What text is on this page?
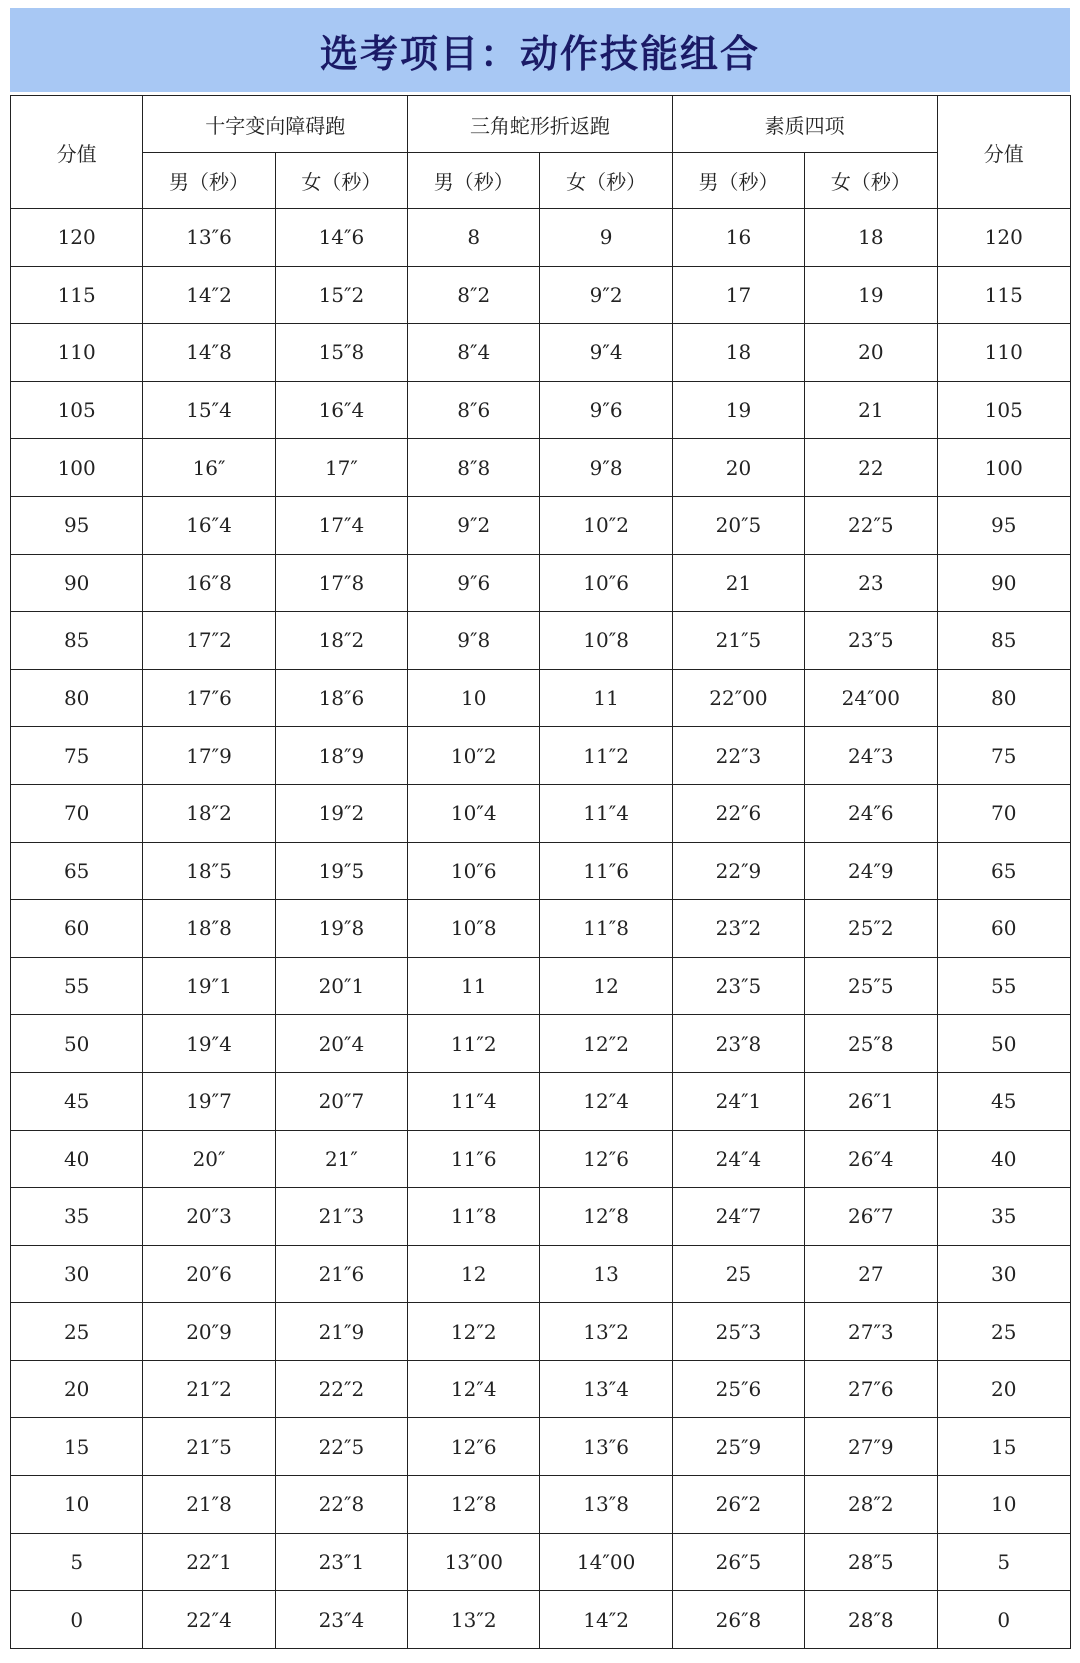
选考项目：动作技能组合
分值	十字变向障碍跑		三角蛇形折返跑		素质四项		分值
	男（秒）	女（秒）	男（秒）	女（秒）	男（秒）	女（秒）	
120	13″6	14″6	8	9	16	18	120
115	14″2	15″2	8″2	9″2	17	19	115
110	14″8	15″8	8″4	9″4	18	20	110
105	15″4	16″4	8″6	9″6	19	21	105
100	16″	17″	8″8	9″8	20	22	100
95	16″4	17″4	9″2	10″2	20″5	22″5	95
90	16″8	17″8	9″6	10″6	21	23	90
85	17″2	18″2	9″8	10″8	21″5	23″5	85
80	17″6	18″6	10	11	22″00	24″00	80
75	17″9	18″9	10″2	11″2	22″3	24″3	75
70	18″2	19″2	10″4	11″4	22″6	24″6	70
65	18″5	19″5	10″6	11″6	22″9	24″9	65
60	18″8	19″8	10″8	11″8	23″2	25″2	60
55	19″1	20″1	11	12	23″5	25″5	55
50	19″4	20″4	11″2	12″2	23″8	25″8	50
45	19″7	20″7	11″4	12″4	24″1	26″1	45
40	20″	21″	11″6	12″6	24″4	26″4	40
35	20″3	21″3	11″8	12″8	24″7	26″7	35
30	20″6	21″6	12	13	25	27	30
25	20″9	21″9	12″2	13″2	25″3	27″3	25
20	21″2	22″2	12″4	13″4	25″6	27″6	20
15	21″5	22″5	12″6	13″6	25″9	27″9	15
10	21″8	22″8	12″8	13″8	26″2	28″2	10
5	22″1	23″1	13″00	14″00	26″5	28″5	5
0	22″4	23″4	13″2	14″2	26″8	28″8	0
